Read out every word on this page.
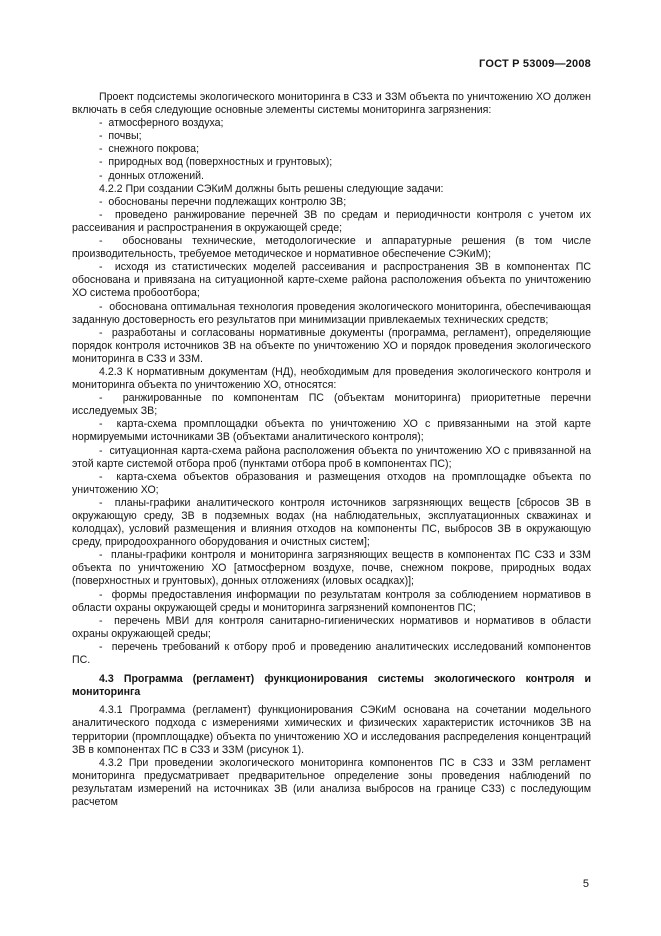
ГОСТ Р 53009—2008
Проект подсистемы экологического мониторинга в СЗЗ и ЗЗМ объекта по уничтожению ХО должен включать в себя следующие основные элементы системы мониторинга загрязнения:
-  атмосферного воздуха;
-  почвы;
-  снежного покрова;
-  природных вод (поверхностных и грунтовых);
-  донных отложений.
4.2.2 При создании СЭКиМ должны быть решены следующие задачи:
-  обоснованы перечни подлежащих контролю ЗВ;
-  проведено ранжирование перечней ЗВ по средам и периодичности контроля с учетом их рассеивания и распространения в окружающей среде;
-  обоснованы технические, методологические и аппаратурные решения (в том числе производительность, требуемое методическое и нормативное обеспечение СЭКиМ);
-  исходя из статистических моделей рассеивания и распространения ЗВ в компонентах ПС обоснована и привязана на ситуационной карте-схеме района расположения объекта по уничтожению ХО система пробоотбора;
-  обоснована оптимальная технология проведения экологического мониторинга, обеспечивающая заданную достоверность его результатов при минимизации привлекаемых технических средств;
-  разработаны и согласованы нормативные документы (программа, регламент), определяющие порядок контроля источников ЗВ на объекте по уничтожению ХО и порядок проведения экологического мониторинга в СЗЗ и ЗЗМ.
4.2.3 К нормативным документам (НД), необходимым для проведения экологического контроля и мониторинга объекта по уничтожению ХО, относятся:
-  ранжированные по компонентам ПС (объектам мониторинга) приоритетные перечни исследуемых ЗВ;
-  карта-схема промплощадки объекта по уничтожению ХО с привязанными на этой карте нормируемыми источниками ЗВ (объектами аналитического контроля);
-  ситуационная карта-схема района расположения объекта по уничтожению ХО с привязанной на этой карте системой отбора проб (пунктами отбора проб в компонентах ПС);
-  карта-схема объектов образования и размещения отходов на промплощадке объекта по уничтожению ХО;
-  планы-графики аналитического контроля источников загрязняющих веществ [сбросов ЗВ в окружающую среду, ЗВ в подземных водах (на наблюдательных, эксплуатационных скважинах и колодцах), условий размещения и влияния отходов на компоненты ПС, выбросов ЗВ в окружающую среду, природоохранного оборудования и очистных систем];
-  планы-графики контроля и мониторинга загрязняющих веществ в компонентах ПС СЗЗ и ЗЗМ объекта по уничтожению ХО [атмосферном воздухе, почве, снежном покрове, природных водах (поверхностных и грунтовых), донных отложениях (иловых осадках)];
-  формы предоставления информации по результатам контроля за соблюдением нормативов в области охраны окружающей среды и мониторинга загрязнений компонентов ПС;
-  перечень МВИ для контроля санитарно-гигиенических нормативов и нормативов в области охраны окружающей среды;
-  перечень требований к отбору проб и проведению аналитических исследований компонентов ПС.
4.3 Программа (регламент) функционирования системы экологического контроля и мониторинга
4.3.1 Программа (регламент) функционирования СЭКиМ основана на сочетании модельного аналитического подхода с измерениями химических и физических характеристик источников ЗВ на территории (промплощадке) объекта по уничтожению ХО и исследования распределения концентраций ЗВ в компонентах ПС в СЗЗ и ЗЗМ (рисунок 1).
4.3.2 При проведении экологического мониторинга компонентов ПС в СЗЗ и ЗЗМ регламент мониторинга предусматривает предварительное определение зоны проведения наблюдений по результатам измерений на источниках ЗВ (или анализа выбросов на границе СЗЗ) с последующим расчетом
5
